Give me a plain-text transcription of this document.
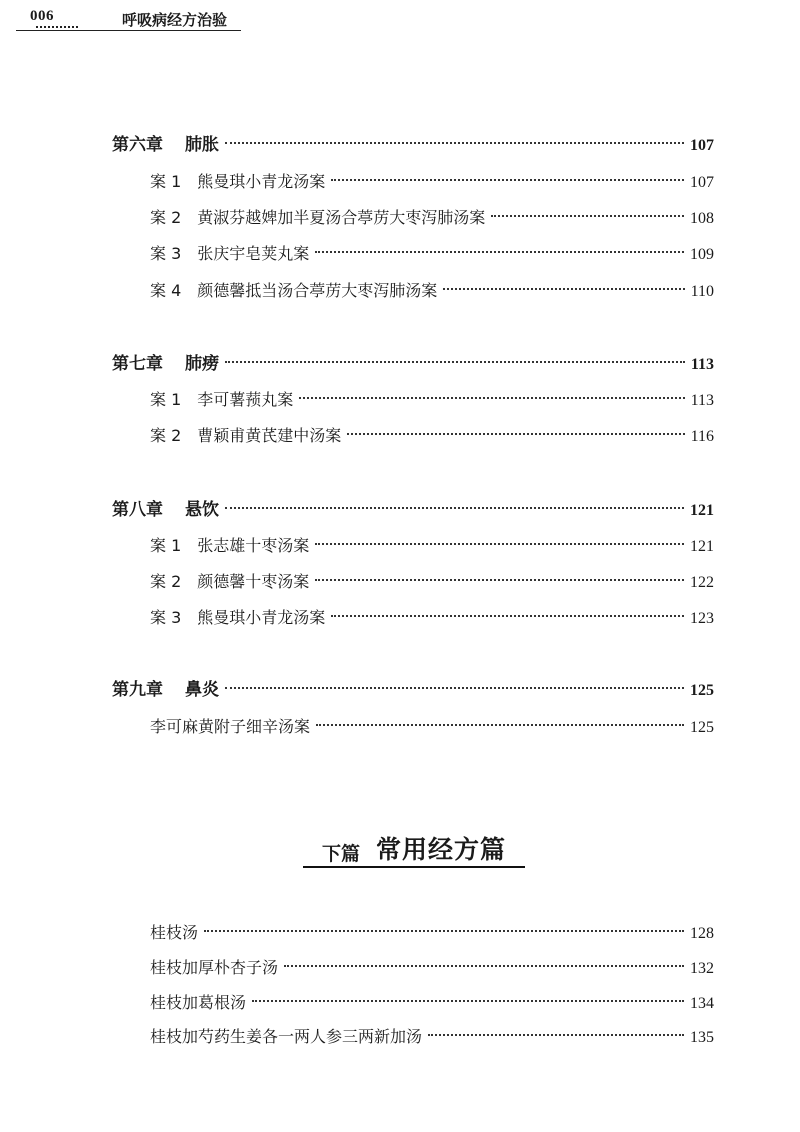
006	呼吸病经方治验
第六章 肺胀	107
案 1 熊曼琪小青龙汤案	107
案 2 黄淑芬越婢加半夏汤合葶苈大枣泻肺汤案	108
案 3 张庆宇皂荚丸案	109
案 4 颜德馨抵当汤合葶苈大枣泻肺汤案	110
第七章 肺痨	113
案 1 李可薯蓣丸案	113
案 2 曹颖甫黄芪建中汤案	116
第八章 悬饮	121
案 1 张志雄十枣汤案	121
案 2 颜德馨十枣汤案	122
案 3 熊曼琪小青龙汤案	123
第九章 鼻炎	125
李可麻黄附子细辛汤案	125
下篇 常用经方篇
桂枝汤	128
桂枝加厚朴杏子汤	132
桂枝加葛根汤	134
桂枝加芍药生姜各一两人参三两新加汤	135
